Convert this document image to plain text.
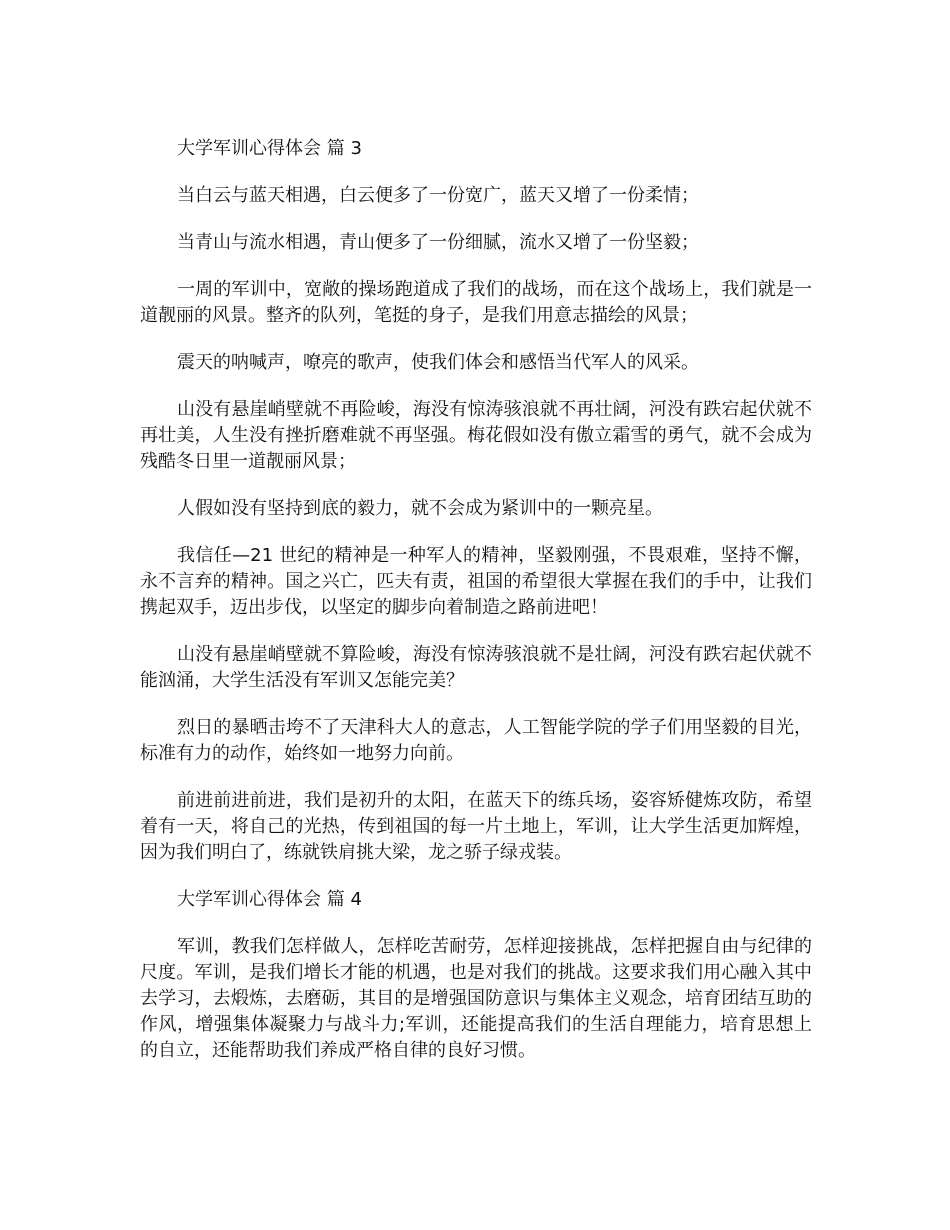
大学军训心得体会 篇 3

当白云与蓝天相遇，白云便多了一份宽广，蓝天又增了一份柔情；

当青山与流水相遇，青山便多了一份细腻，流水又增了一份坚毅；

一周的军训中，宽敞的操场跑道成了我们的战场，而在这个战场上，我们就是一道靓丽的风景。整齐的队列，笔挺的身子，是我们用意志描绘的风景；

震天的呐喊声，嘹亮的歌声，使我们体会和感悟当代军人的风采。

山没有悬崖峭壁就不再险峻，海没有惊涛骇浪就不再壮阔，河没有跌宕起伏就不再壮美，人生没有挫折磨难就不再坚强。梅花假如没有傲立霜雪的勇气，就不会成为残酷冬日里一道靓丽风景；

人假如没有坚持到底的毅力，就不会成为紧训中的一颗亮星。

我信任—21 世纪的精神是一种军人的精神，坚毅刚强，不畏艰难，坚持不懈，永不言弃的精神。国之兴亡，匹夫有责，祖国的希望很大掌握在我们的手中，让我们携起双手，迈出步伐，以坚定的脚步向着制造之路前进吧！

山没有悬崖峭壁就不算险峻，海没有惊涛骇浪就不是壮阔，河没有跌宕起伏就不能汹涌，大学生活没有军训又怎能完美？

烈日的暴晒击垮不了天津科大人的意志，人工智能学院的学子们用坚毅的目光，标准有力的动作，始终如一地努力向前。

前进前进前进，我们是初升的太阳，在蓝天下的练兵场，姿容矫健炼攻防，希望着有一天，将自己的光热，传到祖国的每一片土地上，军训，让大学生活更加辉煌，因为我们明白了，练就铁肩挑大梁，龙之骄子绿戎装。

大学军训心得体会 篇 4

军训，教我们怎样做人，怎样吃苦耐劳，怎样迎接挑战，怎样把握自由与纪律的尺度。军训，是我们增长才能的机遇，也是对我们的挑战。这要求我们用心融入其中去学习，去煅炼，去磨砺，其目的是增强国防意识与集体主义观念，培育团结互助的作风，增强集体凝聚力与战斗力;军训，还能提高我们的生活自理能力，培育思想上的自立，还能帮助我们养成严格自律的良好习惯。
